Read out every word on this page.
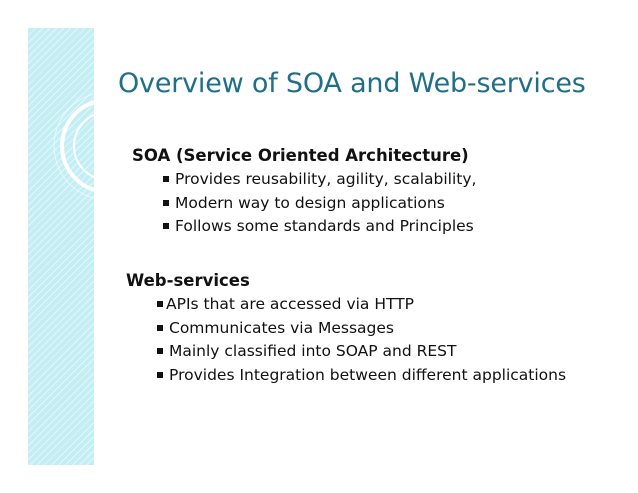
Overview of SOA and Web-services
SOA (Service Oriented Architecture)
Provides reusability, agility, scalability,
Modern way to design applications
Follows some standards and Principles
Web-services
APIs that are accessed via HTTP
Communicates via Messages
Mainly classified into SOAP and REST
Provides Integration between different applications
